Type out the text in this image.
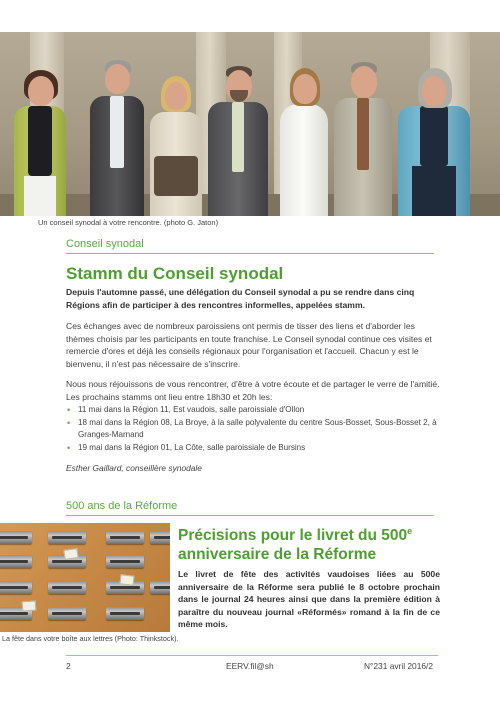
Un conseil synodal à votre rencontre. (photo G. Jaton)
Conseil synodal
Stamm du Conseil synodal

Depuis l'automne passé, une délégation du Conseil synodal a pu se rendre dans cinq Régions afin de participer à des rencontres informelles, appelées stamm.

Ces échanges avec de nombreux paroissiens ont permis de tisser des liens et d'aborder les thèmes choisis par les participants en toute franchise. Le Conseil synodal continue ces visites et remercie d'ores et déjà les conseils régionaux pour l'organisation et l'accueil. Chacun y est le bienvenu, il n'est pas nécessaire de s'inscrire.

Nous nous réjouissons de vous rencontrer, d'être à votre écoute et de partager le verre de l'amitié. Les prochains stamms ont lieu entre 18h30 et 20h les:

• 11 mai dans la Région 11, Est vaudois, salle paroissiale d'Ollon
• 18 mai dans la Région 08, La Broye, à la salle polyvalente du centre Sous-Bosset, Sous-Bosset 2, à Granges-Marnand
• 19 mai dans la Région 01, La Côte, salle paroissiale de Bursins
Esther Gaillard, conseillère synodale
500 ans de la Réforme
La fête dans votre boîte aux lettres (Photo: Thinkstock).
Précisions pour le livret du 500e
anniversaire de la Réforme

Le livret de fête des activités vaudoises liées au 500e anniversaire de la Réforme sera publié le 8 octobre prochain dans le journal 24 heures ainsi que dans la première édition à paraître du nouveau journal «Réformés» romand à la fin de ce même mois.

2	EERV.fil@sh	N°231 avril 2016/2
